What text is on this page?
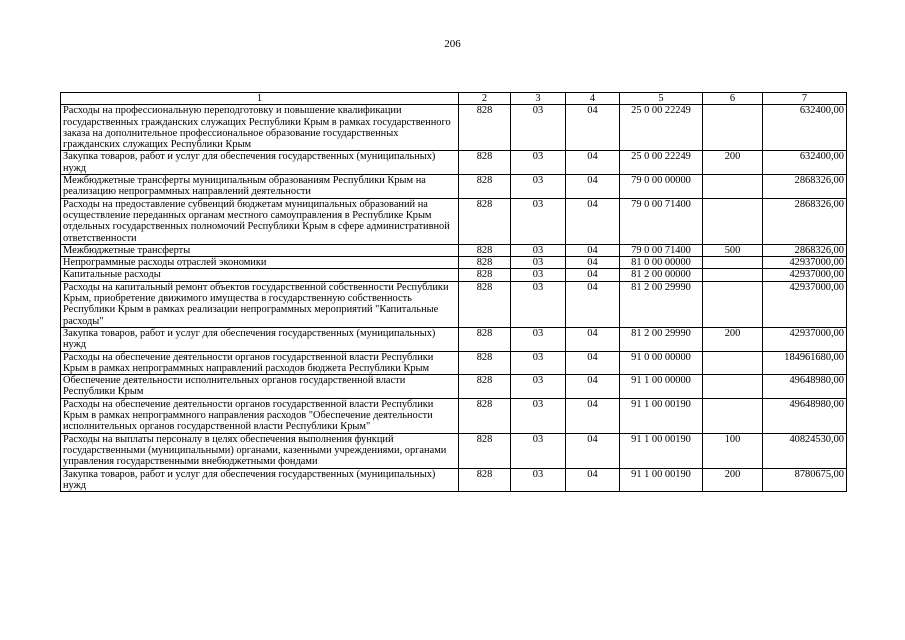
206
1	2	3	4	5	6	7
Расходы на профессиональную переподготовку и повышение квалификации государственных гражданских служащих Республики Крым в рамках государственного заказа на дополнительное профессиональное образование государственных гражданских служащих Республики Крым	828	03	04	25 0 00 22249		632400,00
Закупка товаров, работ и услуг для обеспечения государственных (муниципальных) нужд	828	03	04	25 0 00 22249	200	632400,00
Межбюджетные трансферты муниципальным образованиям Республики Крым на реализацию непрограммных направлений деятельности	828	03	04	79 0 00 00000		2868326,00
Расходы на предоставление субвенций бюджетам муниципальных образований на осуществление переданных органам местного самоуправления в Республике Крым отдельных государственных полномочий Республики Крым в сфере административной ответственности	828	03	04	79 0 00 71400		2868326,00
Межбюджетные трансферты	828	03	04	79 0 00 71400	500	2868326,00
Непрограммные расходы отраслей экономики	828	03	04	81 0 00 00000		42937000,00
Капитальные расходы	828	03	04	81 2 00 00000		42937000,00
Расходы на капитальный ремонт объектов государственной собственности Республики Крым, приобретение движимого имущества в государственную собственность Республики Крым в рамках реализации непрограммных мероприятий "Капитальные расходы"	828	03	04	81 2 00 29990		42937000,00
Закупка товаров, работ и услуг для обеспечения государственных (муниципальных) нужд	828	03	04	81 2 00 29990	200	42937000,00
Расходы на обеспечение деятельности органов государственной власти Республики Крым в рамках непрограммных направлений расходов бюджета Республики Крым	828	03	04	91 0 00 00000		184961680,00
Обеспечение деятельности исполнительных органов государственной власти Республики Крым	828	03	04	91 1 00 00000		49648980,00
Расходы на обеспечение деятельности органов государственной власти Республики Крым в рамках непрограммного направления расходов "Обеспечение деятельности исполнительных органов государственной власти Республики Крым"	828	03	04	91 1 00 00190		49648980,00
Расходы на выплаты персоналу в целях обеспечения выполнения функций государственными (муниципальными) органами, казенными учреждениями, органами управления государственными внебюджетными фондами	828	03	04	91 1 00 00190	100	40824530,00
Закупка товаров, работ и услуг для обеспечения государственных (муниципальных) нужд	828	03	04	91 1 00 00190	200	8780675,00
